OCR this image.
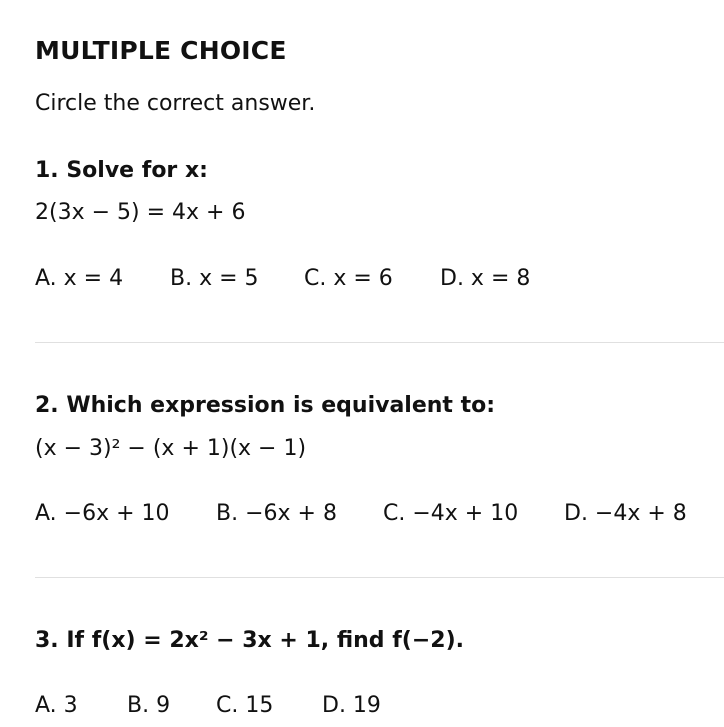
MULTIPLE CHOICE
Circle the correct answer.
1. Solve for x:
2(3x − 5) = 4x + 6
A. x = 4 B. x = 5 C. x = 6 D. x = 8
2. Which expression is equivalent to:
(x − 3)² − (x + 1)(x − 1)
A. −6x + 10 B. −6x + 8 C. −4x + 10 D. −4x + 8
3. If f(x) = 2x² − 3x + 1, find f(−2).
A. 3 B. 9 C. 15 D. 19
